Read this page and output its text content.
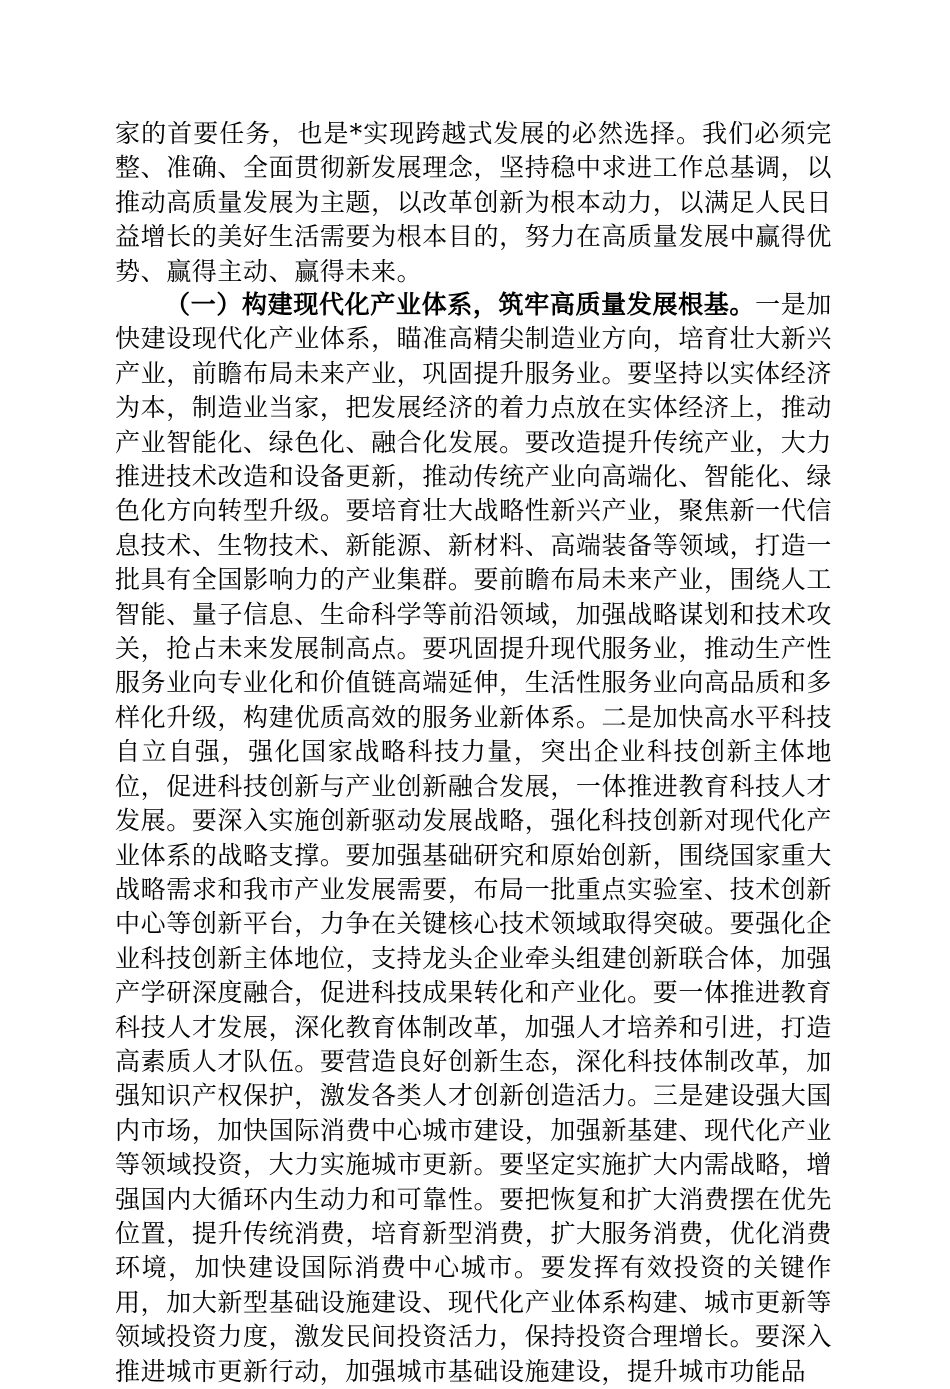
家的首要任务，也是*实现跨越式发展的必然选择。我们必须完整、准确、全面贯彻新发展理念，坚持稳中求进工作总基调，以推动高质量发展为主题，以改革创新为根本动力，以满足人民日益增长的美好生活需要为根本目的，努力在高质量发展中赢得优势、赢得主动、赢得未来。
（一）构建现代化产业体系，筑牢高质量发展根基。一是加快建设现代化产业体系，瞄准高精尖制造业方向，培育壮大新兴产业，前瞻布局未来产业，巩固提升服务业。要坚持以实体经济为本，制造业当家，把发展经济的着力点放在实体经济上，推动产业智能化、绿色化、融合化发展。要改造提升传统产业，大力推进技术改造和设备更新，推动传统产业向高端化、智能化、绿色化方向转型升级。要培育壮大战略性新兴产业，聚焦新一代信息技术、生物技术、新能源、新材料、高端装备等领域，打造一批具有全国影响力的产业集群。要前瞻布局未来产业，围绕人工智能、量子信息、生命科学等前沿领域，加强战略谋划和技术攻关，抢占未来发展制高点。要巩固提升现代服务业，推动生产性服务业向专业化和价值链高端延伸，生活性服务业向高品质和多样化升级，构建优质高效的服务业新体系。二是加快高水平科技自立自强，强化国家战略科技力量，突出企业科技创新主体地位，促进科技创新与产业创新融合发展，一体推进教育科技人才发展。要深入实施创新驱动发展战略，强化科技创新对现代化产业体系的战略支撑。要加强基础研究和原始创新，围绕国家重大战略需求和我市产业发展需要，布局一批重点实验室、技术创新中心等创新平台，力争在关键核心技术领域取得突破。要强化企业科技创新主体地位，支持龙头企业牵头组建创新联合体，加强产学研深度融合，促进科技成果转化和产业化。要一体推进教育科技人才发展，深化教育体制改革，加强人才培养和引进，打造高素质人才队伍。要营造良好创新生态，深化科技体制改革，加强知识产权保护，激发各类人才创新创造活力。三是建设强大国内市场，加快国际消费中心城市建设，加强新基建、现代化产业等领域投资，大力实施城市更新。要坚定实施扩大内需战略，增强国内大循环内生动力和可靠性。要把恢复和扩大消费摆在优先位置，提升传统消费，培育新型消费，扩大服务消费，优化消费环境，加快建设国际消费中心城市。要发挥有效投资的关键作用，加大新型基础设施建设、现代化产业体系构建、城市更新等领域投资力度，激发民间投资活力，保持投资合理增长。要深入推进城市更新行动，加强城市基础设施建设，提升城市功能品
